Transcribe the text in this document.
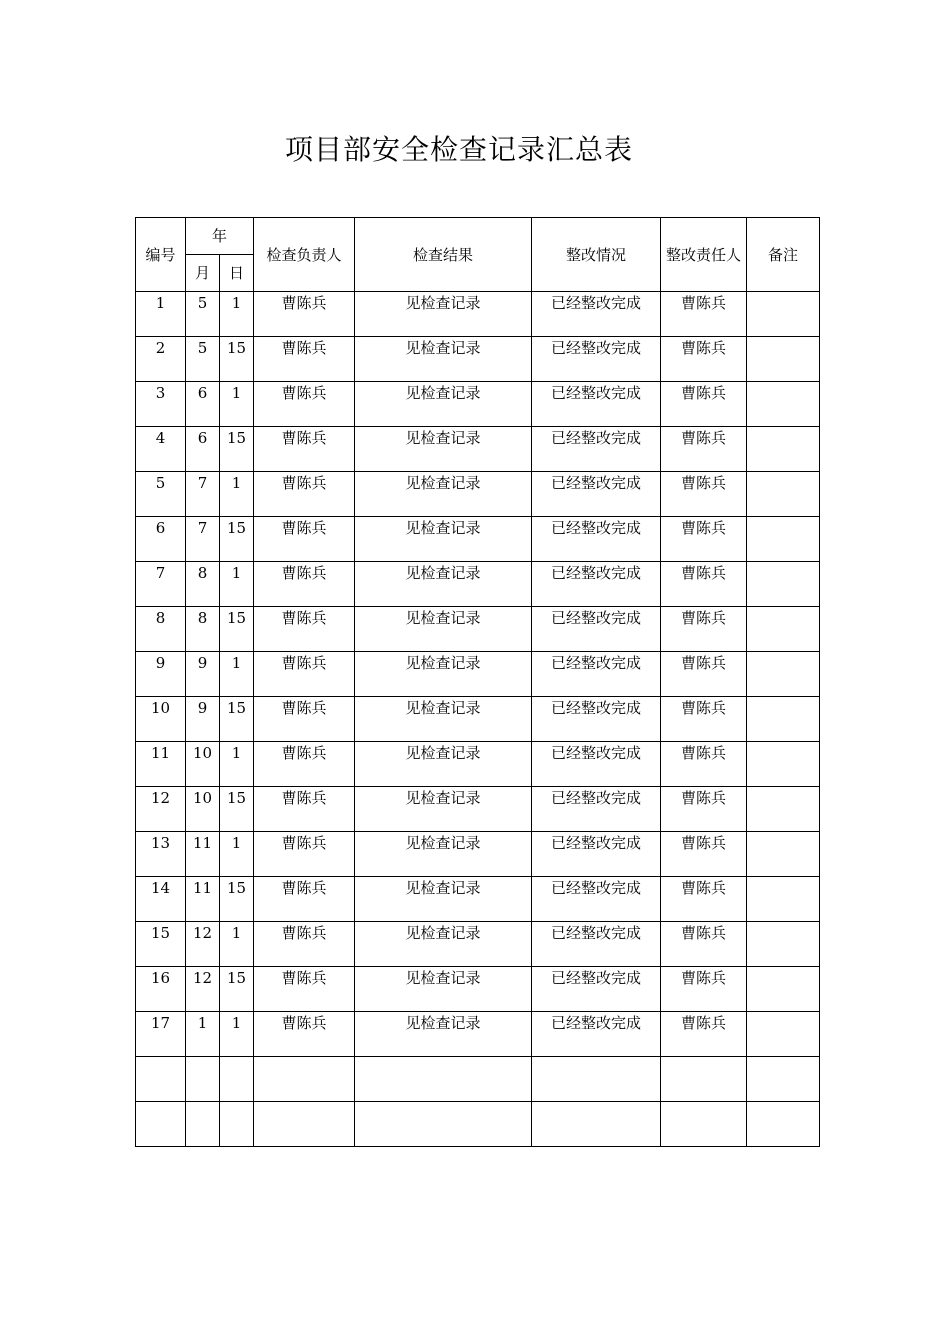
项目部安全检查记录汇总表
编号	年		检查负责人	检查结果	整改情况	整改责任人	备注
	月	日					
1	5	1	曹陈兵	见检查记录	已经整改完成	曹陈兵	
2	5	15	曹陈兵	见检查记录	已经整改完成	曹陈兵	
3	6	1	曹陈兵	见检查记录	已经整改完成	曹陈兵	
4	6	15	曹陈兵	见检查记录	已经整改完成	曹陈兵	
5	7	1	曹陈兵	见检查记录	已经整改完成	曹陈兵	
6	7	15	曹陈兵	见检查记录	已经整改完成	曹陈兵	
7	8	1	曹陈兵	见检查记录	已经整改完成	曹陈兵	
8	8	15	曹陈兵	见检查记录	已经整改完成	曹陈兵	
9	9	1	曹陈兵	见检查记录	已经整改完成	曹陈兵	
10	9	15	曹陈兵	见检查记录	已经整改完成	曹陈兵	
11	10	1	曹陈兵	见检查记录	已经整改完成	曹陈兵	
12	10	15	曹陈兵	见检查记录	已经整改完成	曹陈兵	
13	11	1	曹陈兵	见检查记录	已经整改完成	曹陈兵	
14	11	15	曹陈兵	见检查记录	已经整改完成	曹陈兵	
15	12	1	曹陈兵	见检查记录	已经整改完成	曹陈兵	
16	12	15	曹陈兵	见检查记录	已经整改完成	曹陈兵	
17	1	1	曹陈兵	见检查记录	已经整改完成	曹陈兵	
